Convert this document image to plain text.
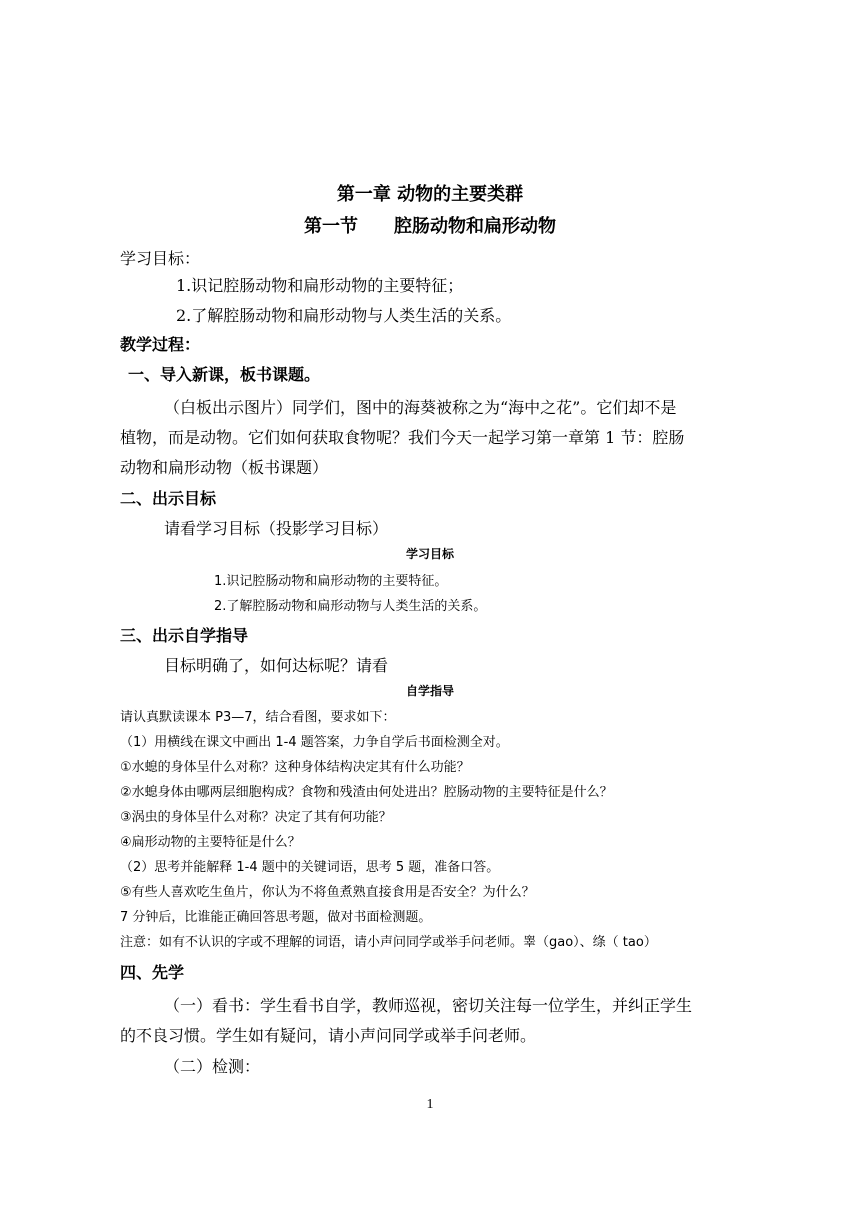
第一章 动物的主要类群
第一节　　腔肠动物和扁形动物
学习目标：
1.识记腔肠动物和扁形动物的主要特征；
2.了解腔肠动物和扁形动物与人类生活的关系。
教学过程：
一、导入新课，板书课题。
（白板出示图片）同学们，图中的海葵被称之为“海中之花”。它们却不是
植物，而是动物。它们如何获取食物呢？我们今天一起学习第一章第 1 节：腔肠
动物和扁形动物（板书课题）
二、出示目标
请看学习目标（投影学习目标）
学习目标
1.识记腔肠动物和扁形动物的主要特征。
2.了解腔肠动物和扁形动物与人类生活的关系。
三、出示自学指导
目标明确了，如何达标呢？请看
自学指导
请认真默读课本 P3—7，结合看图，要求如下：
（1）用横线在课文中画出 1-4 题答案，力争自学后书面检测全对。
①水螅的身体呈什么对称？这种身体结构决定其有什么功能？
②水螅身体由哪两层细胞构成？食物和残渣由何处进出？腔肠动物的主要特征是什么？
③涡虫的身体呈什么对称？决定了其有何功能？
④扁形动物的主要特征是什么？
（2）思考并能解释 1-4 题中的关键词语，思考 5 题，准备口答。
⑤有些人喜欢吃生鱼片，你认为不将鱼煮熟直接食用是否安全？为什么？
7 分钟后，比谁能正确回答思考题，做对书面检测题。
注意：如有不认识的字或不理解的词语，请小声问同学或举手问老师。睾（gao）、绦（ tao）
四、先学
（一）看书：学生看书自学，教师巡视，密切关注每一位学生，并纠正学生
的不良习惯。学生如有疑问，请小声问同学或举手问老师。
（二）检测：
1
